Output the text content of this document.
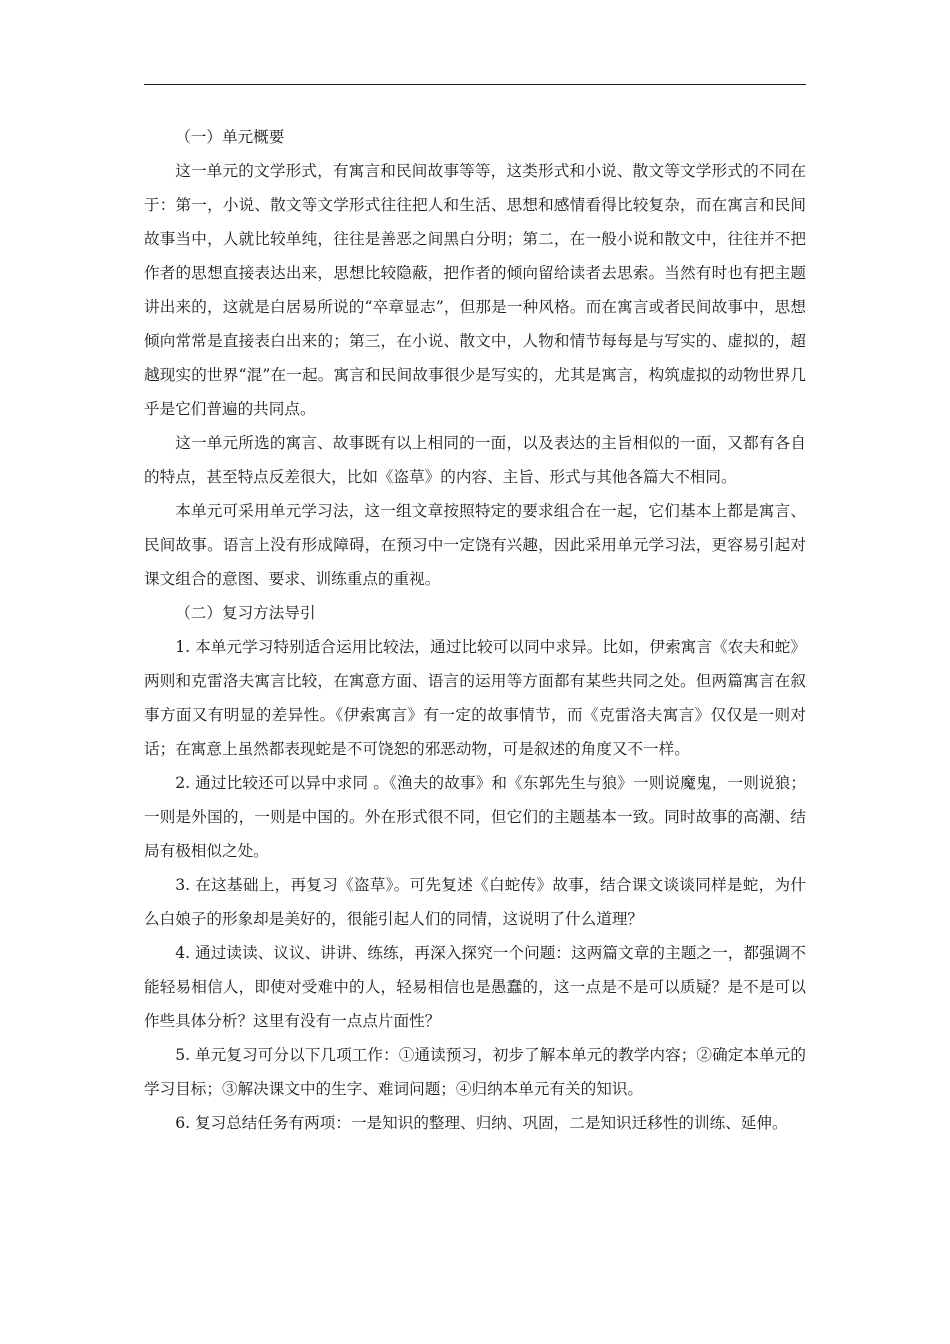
（一）单元概要

这一单元的文学形式，有寓言和民间故事等等，这类形式和小说、散文等文学形式的不同在于：第一，小说、散文等文学形式往往把人和生活、思想和感情看得比较复杂，而在寓言和民间故事当中，人就比较单纯，往往是善恶之间黑白分明；第二，在一般小说和散文中，往往并不把作者的思想直接表达出来，思想比较隐蔽，把作者的倾向留给读者去思索。当然有时也有把主题讲出来的，这就是白居易所说的“卒章显志”，但那是一种风格。而在寓言或者民间故事中，思想倾向常常是直接表白出来的；第三，在小说、散文中，人物和情节每每是与写实的、虚拟的，超越现实的世界“混”在一起。寓言和民间故事很少是写实的，尤其是寓言，构筑虚拟的动物世界几乎是它们普遍的共同点。

这一单元所选的寓言、故事既有以上相同的一面，以及表达的主旨相似的一面，又都有各自的特点，甚至特点反差很大，比如《盗草》的内容、主旨、形式与其他各篇大不相同。

本单元可采用单元学习法，这一组文章按照特定的要求组合在一起，它们基本上都是寓言、民间故事。语言上没有形成障碍，在预习中一定饶有兴趣，因此采用单元学习法，更容易引起对课文组合的意图、要求、训练重点的重视。

（二）复习方法导引

1. 本单元学习特别适合运用比较法，通过比较可以同中求异。比如，伊索寓言《农夫和蛇》两则和克雷洛夫寓言比较，在寓意方面、语言的运用等方面都有某些共同之处。但两篇寓言在叙事方面又有明显的差异性。《伊索寓言》有一定的故事情节，而《克雷洛夫寓言》仅仅是一则对话；在寓意上虽然都表现蛇是不可饶恕的邪恶动物，可是叙述的角度又不一样。

2. 通过比较还可以异中求同 。《渔夫的故事》和《东郭先生与狼》一则说魔鬼，一则说狼；一则是外国的，一则是中国的。外在形式很不同，但它们的主题基本一致。同时故事的高潮、结局有极相似之处。

3. 在这基础上，再复习《盗草》。可先复述《白蛇传》故事，结合课文谈谈同样是蛇，为什么白娘子的形象却是美好的，很能引起人们的同情，这说明了什么道理？

4. 通过读读、议议、讲讲、练练，再深入探究一个问题：这两篇文章的主题之一，都强调不能轻易相信人，即使对受难中的人，轻易相信也是愚蠢的，这一点是不是可以质疑？是不是可以作些具体分析？这里有没有一点点片面性？

5. 单元复习可分以下几项工作：①通读预习，初步了解本单元的教学内容；②确定本单元的学习目标；③解决课文中的生字、难词问题；④归纳本单元有关的知识。

6. 复习总结任务有两项：一是知识的整理、归纳、巩固，二是知识迁移性的训练、延伸。
